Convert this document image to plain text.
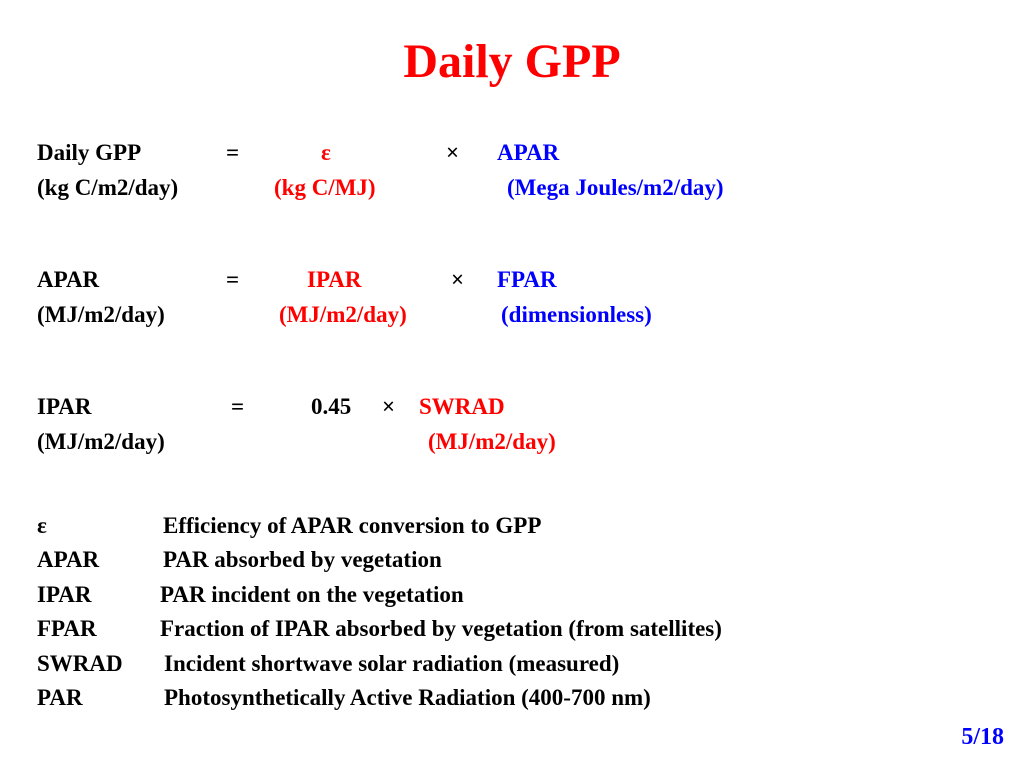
Daily GPP
Daily GPP	=	ε	× APAR
(kg C/m2/day)	(kg C/MJ)	(Mega Joules/m2/day)
APAR	=	IPAR	× FPAR
(MJ/m2/day)	(MJ/m2/day)	(dimensionless)
IPAR	=	0.45 × SWRAD
(MJ/m2/day)	(MJ/m2/day)
ε	Efficiency of APAR conversion to GPP
APAR	PAR absorbed by vegetation
IPAR	PAR incident on the vegetation
FPAR	Fraction of IPAR absorbed by vegetation (from satellites)
SWRAD Incident shortwave solar radiation (measured)
PAR	Photosynthetically Active Radiation (400-700 nm)
5/18
